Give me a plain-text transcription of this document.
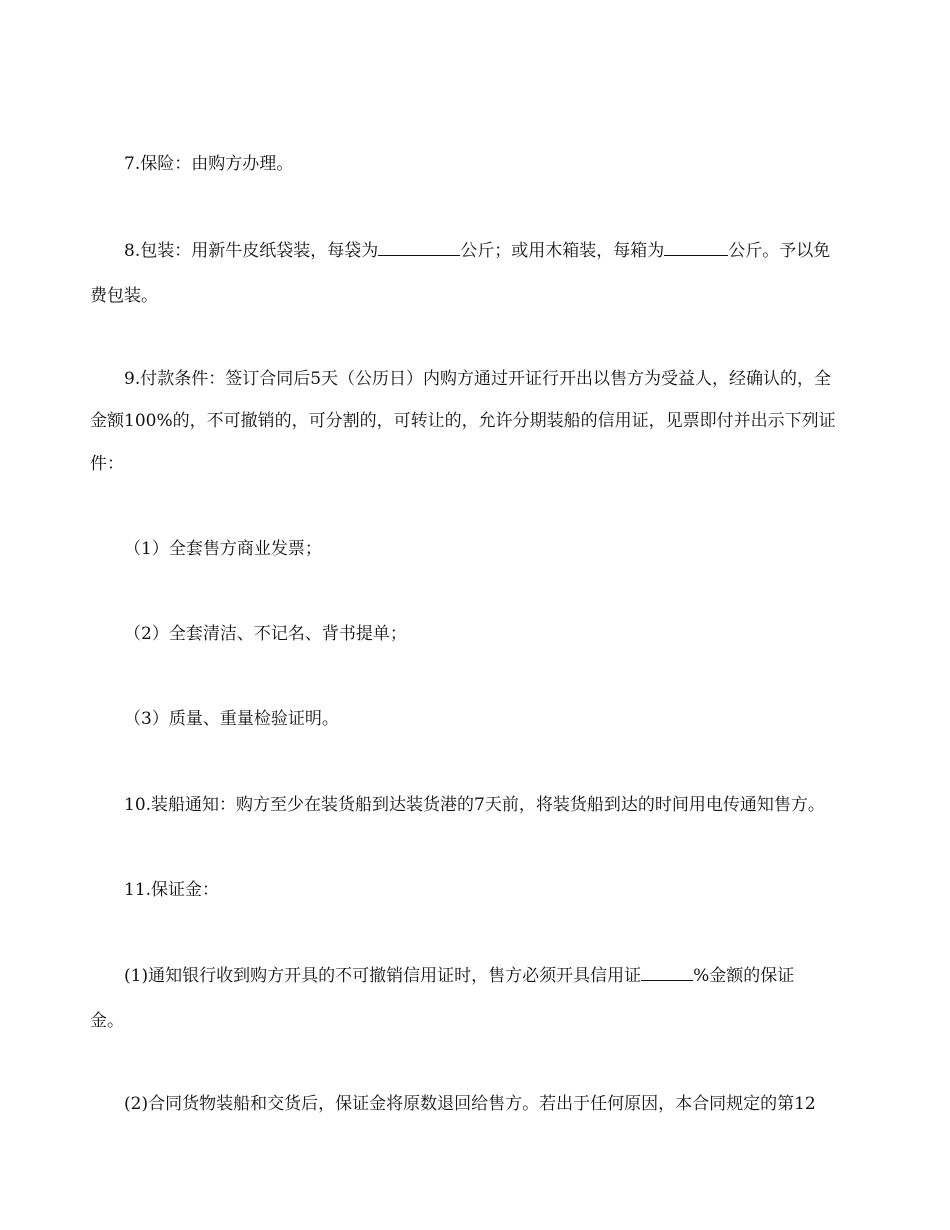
7.保险：由购方办理。
8.包装：用新牛皮纸袋装，每袋为	公斤；或用木箱装，每箱为	公斤。予以免
费包装。
9.付款条件：签订合同后5天（公历日）内购方通过开证行开出以售方为受益人，经确认的，全
金额100%的，不可撤销的，可分割的，可转让的，允许分期装船的信用证，见票即付并出示下列证
件：
（1）全套售方商业发票；
（2）全套清洁、不记名、背书提单；
（3）质量、重量检验证明。
10.装船通知：购方至少在装货船到达装货港的7天前，将装货船到达的时间用电传通知售方。
11.保证金：
(1)通知银行收到购方开具的不可撤销信用证时，售方必须开具信用证	%金额的保证
金。
(2)合同货物装船和交货后，保证金将原数退回给售方。若出于任何原因，本合同规定的第12
